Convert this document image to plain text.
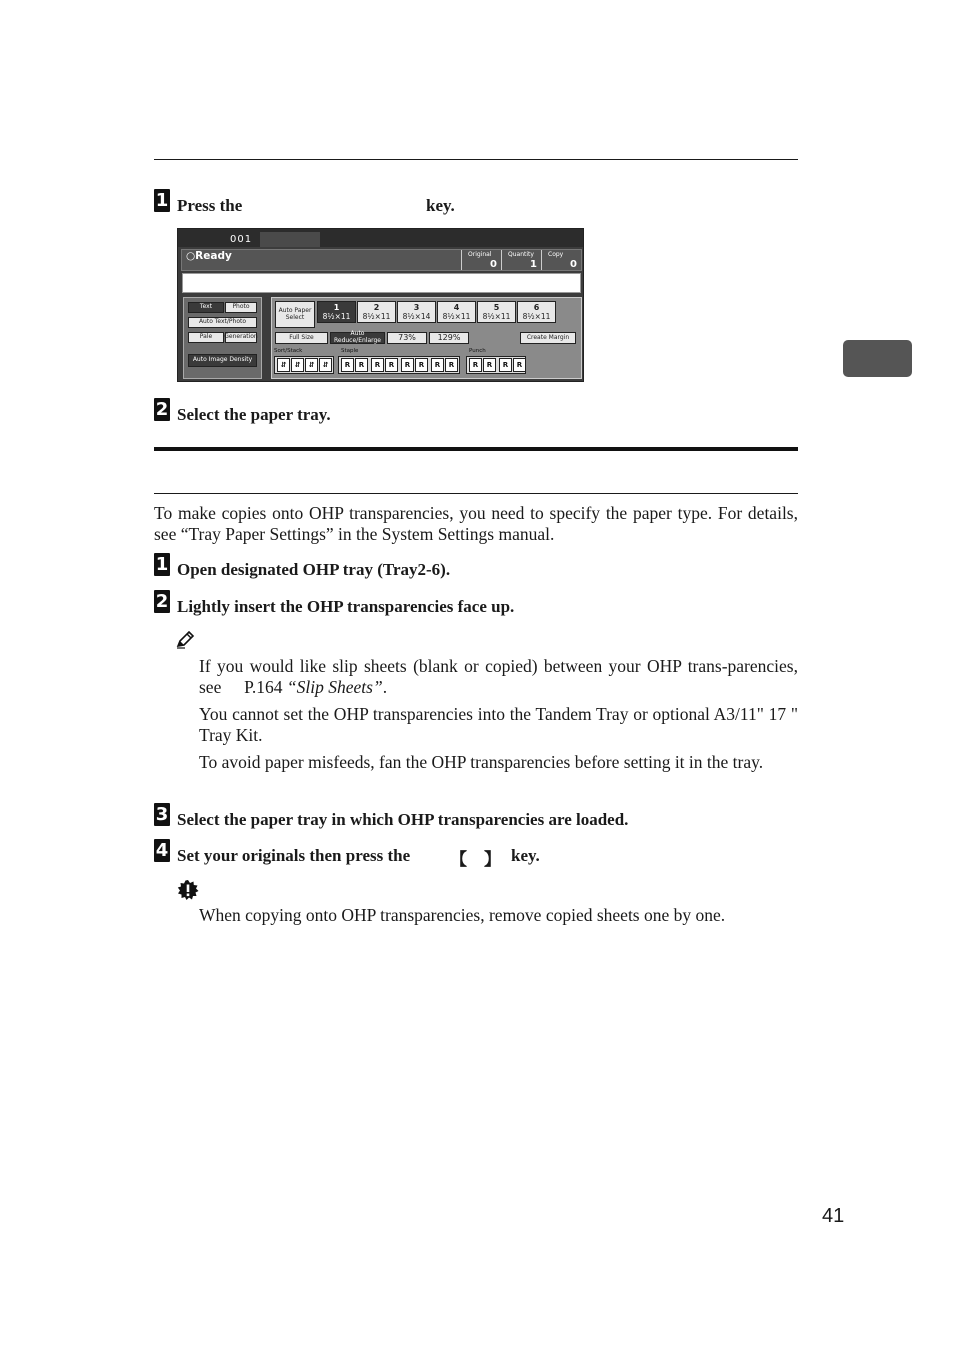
1 Press the	key.
001
○Ready	Original
0
Quantity
1
Copy
0
Text	Photo
Auto Text/Photo
Pale	Generation
Auto Image Density
Auto Paper Select
1
8½×11
2
8½×11
3
8½×14
4
8½×11
5
8½×11
6
8½×11
Full Size	Auto Reduce/Enlarge	73%	129%	Create Margin
Sort/Stack	Staple	Punch
⇵	⇵	⇵	⇵	R	R	R	R	R	R	R	R	R	R	R	R
2 Select the paper tray.
To make copies onto OHP transparencies, you need to specify the paper type. For details, see “Tray Paper Settings” in the System Settings manual.
1 Open designated OHP tray (Tray2-6).
2 Lightly insert the OHP transparencies face up.
If you would like slip sheets (blank or copied) between your OHP trans-parencies, see P.164 “Slip Sheets”.
You cannot set the OHP transparencies into the Tandem Tray or optional A3/11" 17 " Tray Kit.
To avoid paper misfeeds, fan the OHP transparencies before setting it in the tray.
3 Select the paper tray in which OHP transparencies are loaded.
4 Set your originals then press the 【 】 key.
When copying onto OHP transparencies, remove copied sheets one by one.
41
